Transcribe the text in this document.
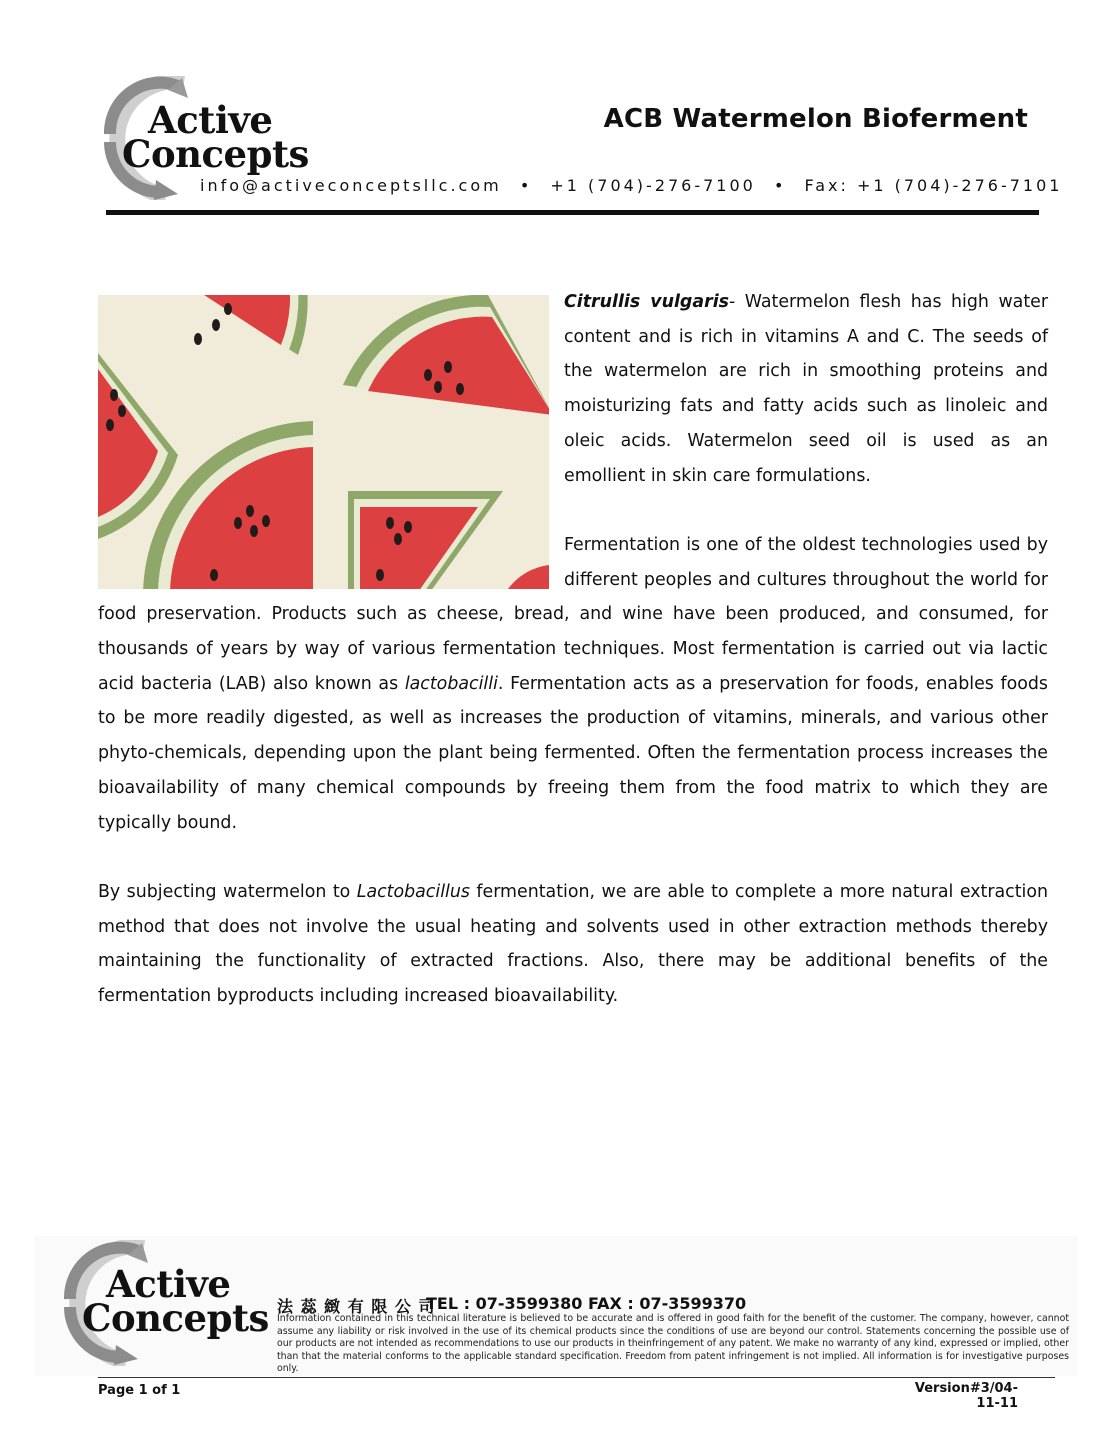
Active
Concepts
ACB Watermelon Bioferment
info@activeconceptsllc.com • +1 (704)-276-7100 • Fax: +1 (704)-276-7101

Citrullis vulgaris- Watermelon flesh has high water content and is rich in vitamins A and C. The seeds of the watermelon are rich in smoothing proteins and moisturizing fats and fatty acids such as linoleic and oleic acids. Watermelon seed oil is used as an emollient in skin care formulations.

Fermentation is one of the oldest technologies used by different peoples and cultures throughout the world for food preservation. Products such as cheese, bread, and wine have been produced, and consumed, for thousands of years by way of various fermentation techniques. Most fermentation is carried out via lactic acid bacteria (LAB) also known as lactobacilli. Fermentation acts as a preservation for foods, enables foods to be more readily digested, as well as increases the production of vitamins, minerals, and various other phyto-chemicals, depending upon the plant being fermented. Often the fermentation process increases the bioavailability of many chemical compounds by freeing them from the food matrix to which they are typically bound.

By subjecting watermelon to Lactobacillus fermentation, we are able to complete a more natural extraction method that does not involve the usual heating and solvents used in other extraction methods thereby maintaining the functionality of extracted fractions. Also, there may be additional benefits of the fermentation byproducts including increased bioavailability.

Active
Concepts 法 蕊 緻 有 限 公 司
TEL : 07-3599380 FAX : 07-3599370
Information contained in this technical literature is believed to be accurate and is offered in good faith for the benefit of the customer. The company, however, cannot assume any liability or risk involved in the use of its chemical products since the conditions of use are beyond our control. Statements concerning the possible use of our products are not intended as recommendations to use our products in theinfringement of any patent. We make no warranty of any kind, expressed or implied, other than that the material conforms to the applicable standard specification. Freedom from patent infringement is not implied. All information is for investigative purposes only.
Page 1 of 1	Version#3/04-11-11
